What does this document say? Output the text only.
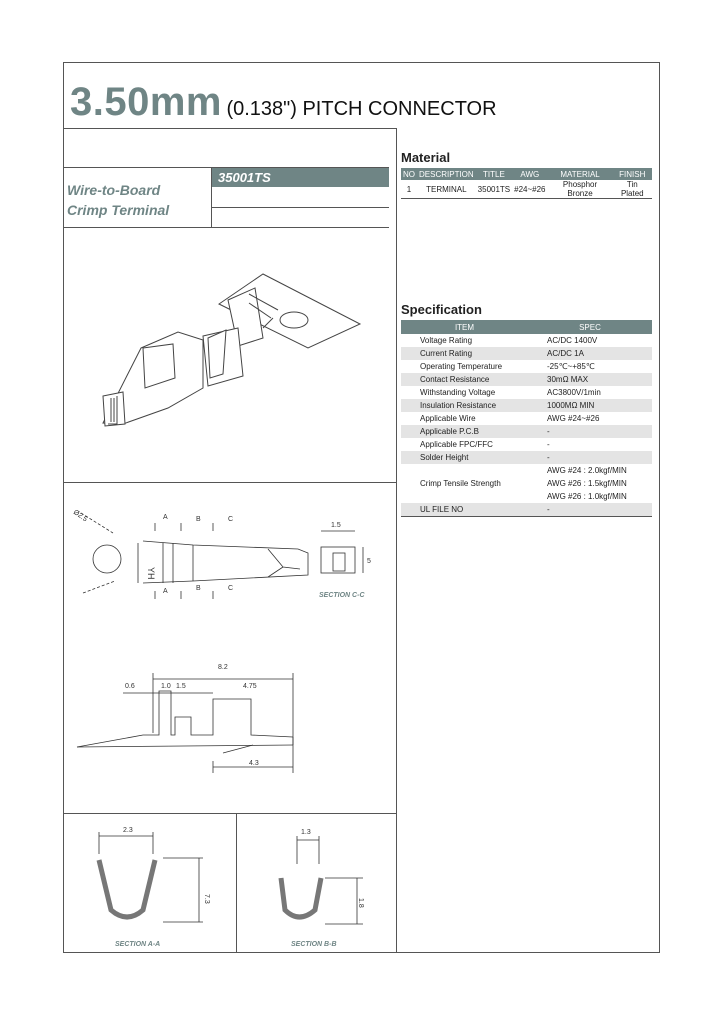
3.50mm (0.138") PITCH CONNECTOR
Wire-to-Board
Crimp Terminal
35001TS
Material
NO	DESCRIPTION	TITLE	AWG	MATERIAL	FINISH
1	TERMINAL	35001TS	#24~#26	Phosphor Bronze	Tin Plated
Specification
ITEM	SPEC
Voltage Rating	AC/DC 1400V

Current Rating	AC/DC 1A

Operating Temperature	-25℃~+85℃

Contact Resistance	30mΩ MAX

Withstanding Voltage	AC3800V/1min

Insulation Resistance	1000MΩ MIN

Applicable Wire	AWG #24~#26

Applicable P.C.B	-

Applicable FPC/FFC	-

Solder Height	-

Crimp Tensile Strength	AWG #24 : 2.0kgf/MIN
AWG #26 : 1.5kgf/MIN
AWG #26 : 1.0kgf/MIN

UL FILE NO	-
Ø2.5	A	B	C
A	B	C
YH
1.5
5
SECTION C-C
8.2
0.6	1.0 1.5	4.75
4.3
2.3
7.3
SECTION A-A
1.3
1.8
SECTION B-B
